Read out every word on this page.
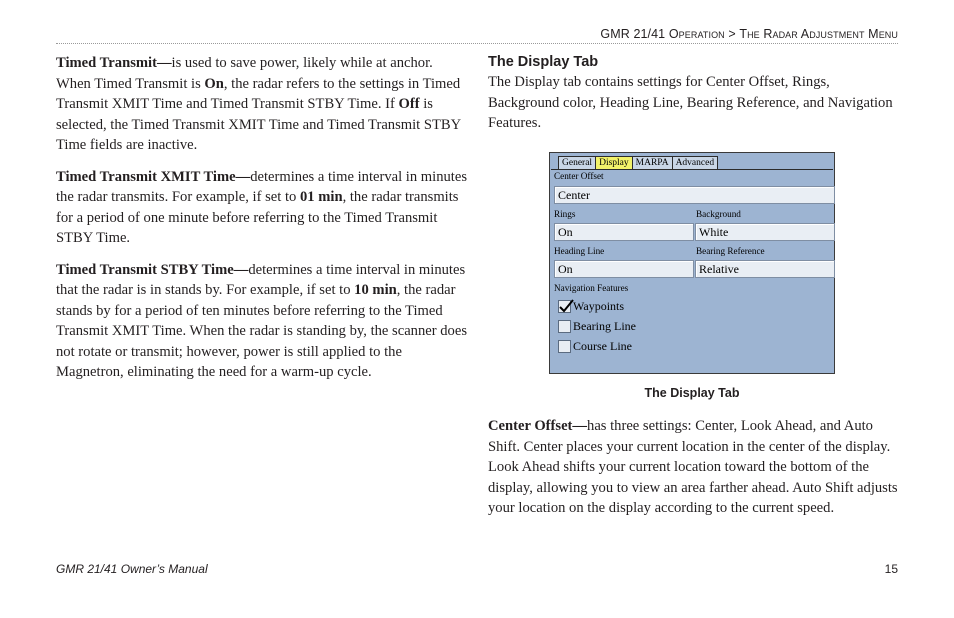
GMR 21/41 Operation > The Radar Adjustment Menu

Timed Transmit—is used to save power, likely while at anchor. When Timed Transmit is On, the radar refers to the settings in Timed Transmit XMIT Time and Timed Transmit STBY Time. If Off is selected, the Timed Transmit XMIT Time and Timed Transmit STBY Time fields are inactive.

Timed Transmit XMIT Time—determines a time interval in minutes the radar transmits. For example, if set to 01 min, the radar transmits for a period of one minute before referring to the Timed Transmit STBY Time.

Timed Transmit STBY Time—determines a time interval in minutes that the radar is in stands by. For example, if set to 10 min, the radar stands by for a period of ten minutes before referring to the Timed Transmit XMIT Time. When the radar is standing by, the scanner does not rotate or transmit; however, power is still applied to the Magnetron, eliminating the need for a warm-up cycle.

The Display Tab

The Display tab contains settings for Center Offset, Rings, Background color, Heading Line, Bearing Reference, and Navigation Features.

General Display MARPA Advanced
Center Offset
Center
Rings
On
Background
White
Heading Line
On
Bearing Reference
Relative
Navigation Features
Waypoints
Bearing Line
Course Line
The Display Tab

Center Offset—has three settings: Center, Look Ahead, and Auto Shift. Center places your current location in the center of the display. Look Ahead shifts your current location toward the bottom of the display, allowing you to view an area farther ahead. Auto Shift adjusts your location on the display according to the current speed.

GMR 21/41 Owner’s Manual	15
